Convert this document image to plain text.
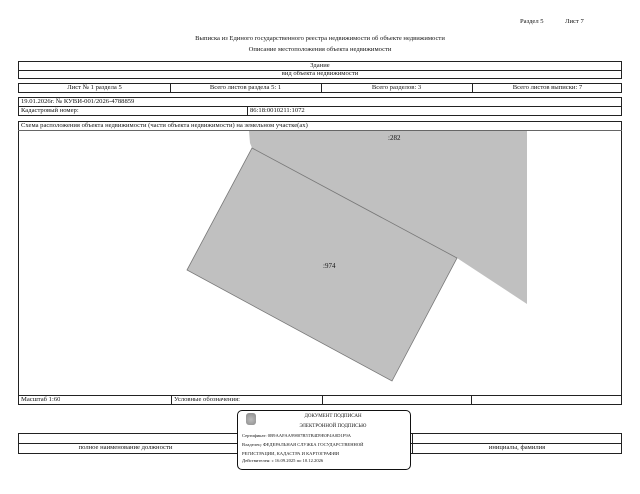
Раздел 5	Лист 7
Выписка из Единого государственного реестра недвижимости об объекте недвижимости
Описание местоположения объекта недвижимости
Здание
вид объекта недвижимости
Лист № 1 раздела 5	Всего листов раздела 5: 1	Всего разделов: 3	Всего листов выписки: 7
19.01.2026г. № КУВИ-001/2026-4788859
Кадастровый номер:	86:18:0010211:1072
Схема расположения объекта недвижимости (части объекта недвижимости) на земельном участке(ах)
Масштаб 1:60	Условные обозначения:
:282
:974
полное наименование должности	инициалы, фамилия
ДОКУМЕНТ ПОДПИСАН
ЭЛЕКТРОННОЙ ПОДПИСЬЮ
Сертификат: 0B9AAFAA99807B5TB4D9E0F4A0D1F9A
Владелец: ФЕДЕРАЛЬНАЯ СЛУЖБА ГОСУДАРСТВЕННОЙ
РЕГИСТРАЦИИ, КАДАСТРА И КАРТОГРАФИИ
Действителен: с 16.09.2025 по 10.12.2026
